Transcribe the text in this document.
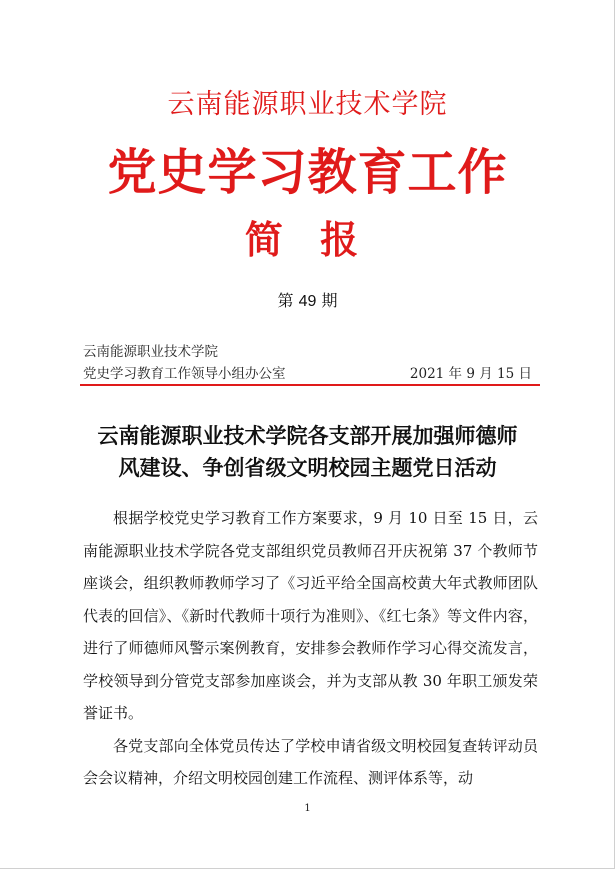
云南能源职业技术学院
党史学习教育工作
简 报
第 49 期
云南能源职业技术学院
党史学习教育工作领导小组办公室	2021 年 9 月 15 日
云南能源职业技术学院各支部开展加强师德师
风建设、争创省级文明校园主题党日活动

根据学校党史学习教育工作方案要求，9 月 10 日至 15 日，云南能源职业技术学院各党支部组织党员教师召开庆祝第 37 个教师节座谈会，组织教师教师学习了《习近平给全国高校黄大年式教师团队代表的回信》、《新时代教师十项行为准则》、《红七条》等文件内容，进行了师德师风警示案例教育，安排参会教师作学习心得交流发言，学校领导到分管党支部参加座谈会，并为支部从教 30 年职工颁发荣誉证书。

各党支部向全体党员传达了学校申请省级文明校园复查转评动员会会议精神，介绍文明校园创建工作流程、测评体系等，动

1
